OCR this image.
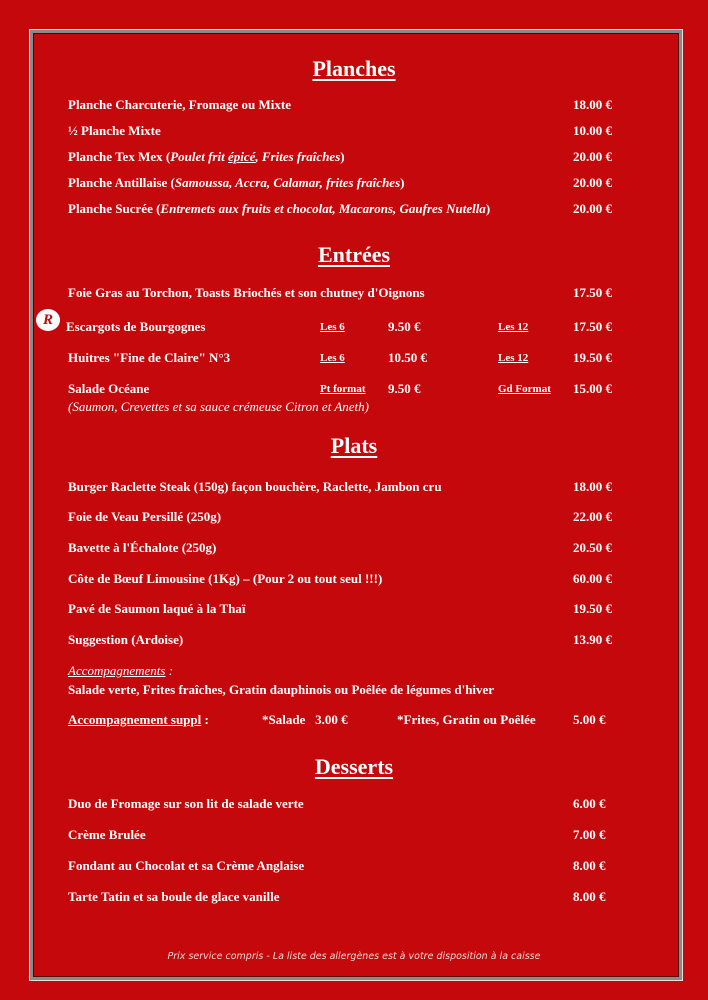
Planches
Planche Charcuterie, Fromage ou Mixte	18.00 €
½ Planche Mixte	10.00 €
Planche Tex Mex (Poulet frit épicé, Frites fraîches)	20.00 €
Planche Antillaise (Samoussa, Accra, Calamar, frites fraîches)	20.00 €
Planche Sucrée (Entremets aux fruits et chocolat, Macarons, Gaufres Nutella)	20.00 €
Entrées
Foie Gras au Torchon, Toasts Briochés et son chutney d'Oignons	17.50 €
R	Escargots de Bourgognes	Les 6	9.50 €	Les 12	17.50 €
Huitres "Fine de Claire" N°3	Les 6	10.50 €	Les 12	19.50 €
Salade Océane	Pt format 9.50 €	Gd Format 15.00 €
(Saumon, Crevettes et sa sauce crémeuse Citron et Aneth)
Plats
Burger Raclette Steak (150g) façon bouchère, Raclette, Jambon cru	18.00 €
Foie de Veau Persillé (250g)	22.00 €
Bavette à l'Échalote (250g)	20.50 €
Côte de Bœuf Limousine (1Kg) – (Pour 2 ou tout seul !!!)	60.00 €
Pavé de Saumon laqué à la Thaï	19.50 €
Suggestion (Ardoise)	13.90 €
Accompagnements :
Salade verte, Frites fraîches, Gratin dauphinois ou Poêlée de légumes d'hiver
Accompagnement suppl :	*Salade   3.00 €	*Frites, Gratin ou Poêlée	5.00 €
Desserts
Duo de Fromage sur son lit de salade verte	6.00 €
Crème Brulée	7.00 €
Fondant au Chocolat et sa Crème Anglaise	8.00 €
Tarte Tatin et sa boule de glace vanille	8.00 €
Prix service compris - La liste des allergènes est à votre disposition à la caisse
